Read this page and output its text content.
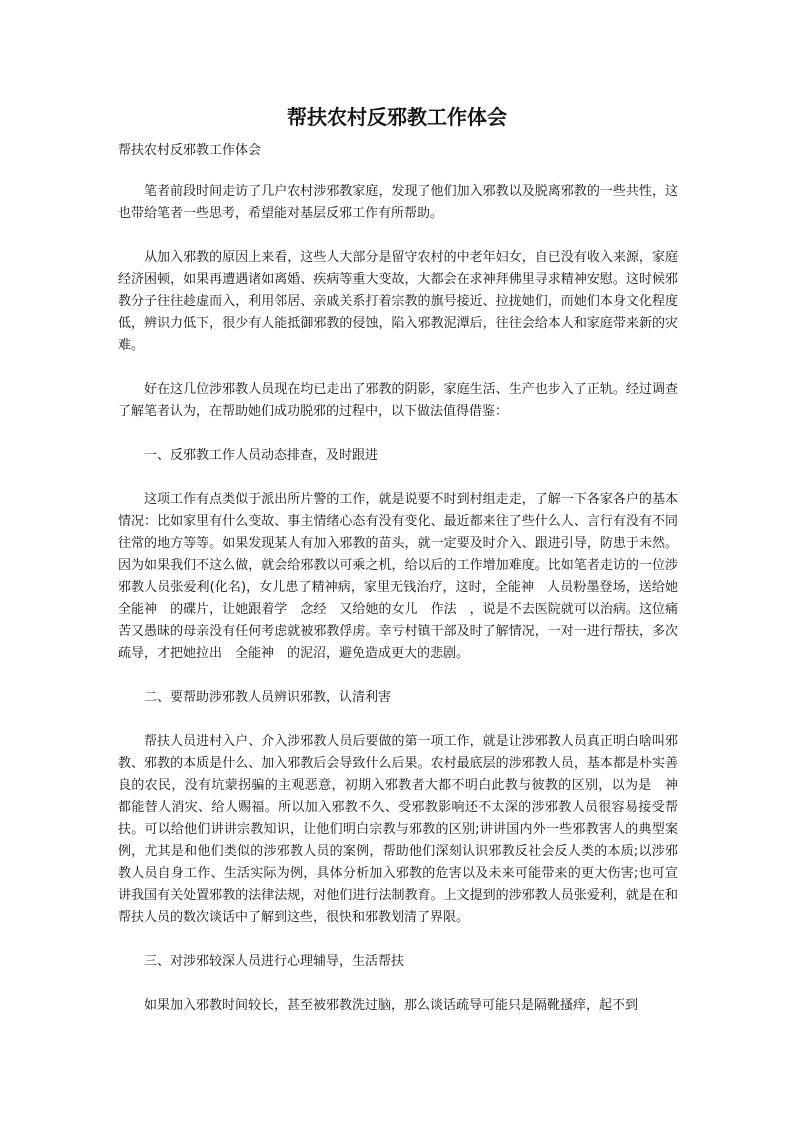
帮扶农村反邪教工作体会

帮扶农村反邪教工作体会

笔者前段时间走访了几户农村涉邪教家庭，发现了他们加入邪教以及脱离邪教的一些共性，这也带给笔者一些思考，希望能对基层反邪工作有所帮助。

从加入邪教的原因上来看，这些人大部分是留守农村的中老年妇女，自已没有收入来源，家庭经济困顿，如果再遭遇诸如离婚、疾病等重大变故，大都会在求神拜佛里寻求精神安慰。这时候邪教分子往往趁虚而入，利用邻居、亲戚关系打着宗教的旗号接近、拉拢她们，而她们本身文化程度低，辨识力低下，很少有人能抵御邪教的侵蚀，陷入邪教泥潭后，往往会给本人和家庭带来新的灾难。

好在这几位涉邪教人员现在均已走出了邪教的阴影，家庭生活、生产也步入了正轨。经过调查了解笔者认为，在帮助她们成功脱邪的过程中，以下做法值得借鉴：

一、反邪教工作人员动态排查，及时跟进

这项工作有点类似于派出所片警的工作，就是说要不时到村组走走，了解一下各家各户的基本情况：比如家里有什么变故、事主情绪心态有没有变化、最近都来往了些什么人、言行有没有不同往常的地方等等。如果发现某人有加入邪教的苗头，就一定要及时介入、跟进引导，防患于未然。因为如果我们不这么做，就会给邪教以可乘之机，给以后的工作增加难度。比如笔者走访的一位涉邪教人员张爱利(化名)，女儿患了精神病，家里无钱治疗，这时，全能神　人员粉墨登场，送给她　全能神　的碟片，让她跟着学　念经　又给她的女儿　作法　，说是不去医院就可以治病。这位痛苦又愚昧的母亲没有任何考虑就被邪教俘虏。幸亏村镇干部及时了解情况，一对一进行帮扶，多次疏导，才把她拉出　全能神　的泥沼，避免造成更大的悲剧。

二、要帮助涉邪教人员辨识邪教，认清利害

帮扶人员进村入户、介入涉邪教人员后要做的第一项工作，就是让涉邪教人员真正明白啥叫邪教、邪教的本质是什么、加入邪教后会导致什么后果。农村最底层的涉邪教人员，基本都是朴实善良的农民，没有坑蒙拐骗的主观恶意，初期入邪教者大都不明白此教与彼教的区别，以为是　神　都能替人消灾、给人赐福。所以加入邪教不久、受邪教影响还不太深的涉邪教人员很容易接受帮扶。可以给他们讲讲宗教知识，让他们明白宗教与邪教的区别;讲讲国内外一些邪教害人的典型案例，尤其是和他们类似的涉邪教人员的案例，帮助他们深刻认识邪教反社会反人类的本质;以涉邪教人员自身工作、生活实际为例，具体分析加入邪教的危害以及未来可能带来的更大伤害;也可宣讲我国有关处置邪教的法律法规，对他们进行法制教育。上文提到的涉邪教人员张爱利，就是在和帮扶人员的数次谈话中了解到这些，很快和邪教划清了界限。

三、对涉邪较深人员进行心理辅导，生活帮扶

如果加入邪教时间较长，甚至被邪教洗过脑，那么谈话疏导可能只是隔靴搔痒，起不到
